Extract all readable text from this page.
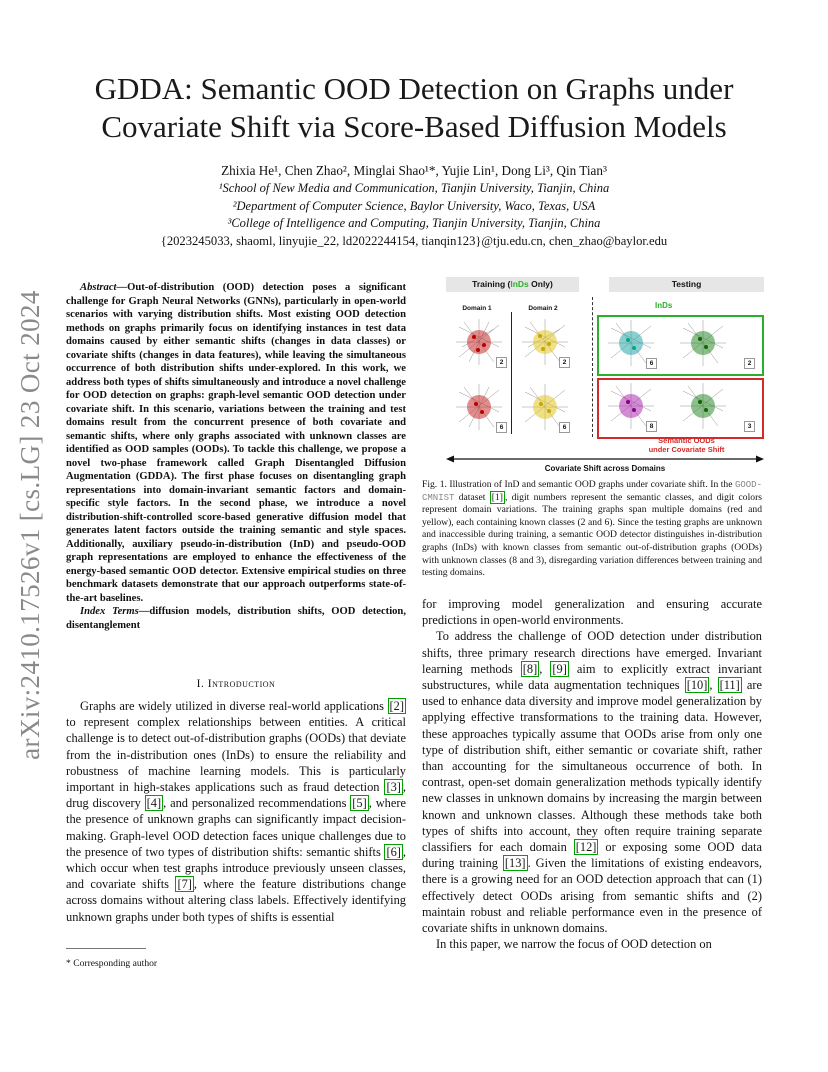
arXiv:2410.17526v1 [cs.LG] 23 Oct 2024
GDDA: Semantic OOD Detection on Graphs under
Covariate Shift via Score-Based Diffusion Models
Zhixia He¹, Chen Zhao², Minglai Shao¹*, Yujie Lin¹, Dong Li³, Qin Tian³
¹School of New Media and Communication, Tianjin University, Tianjin, China
²Department of Computer Science, Baylor University, Waco, Texas, USA
³College of Intelligence and Computing, Tianjin University, Tianjin, China
{2023245033, shaoml, linyujie_22, ld2022244154, tianqin123}@tju.edu.cn, chen_zhao@baylor.edu

Abstract—Out-of-distribution (OOD) detection poses a significant challenge for Graph Neural Networks (GNNs), particularly in open-world scenarios with varying distribution shifts. Most existing OOD detection methods on graphs primarily focus on identifying instances in test data domains caused by either semantic shifts (changes in data classes) or covariate shifts (changes in data features), while leaving the simultaneous occurrence of both distribution shifts under-explored. In this work, we address both types of shifts simultaneously and introduce a novel challenge for OOD detection on graphs: graph-level semantic OOD detection under covariate shift. In this scenario, variations between the training and test domains result from the concurrent presence of both covariate and semantic shifts, where only graphs associated with unknown classes are identified as OOD samples (OODs). To tackle this challenge, we propose a novel two-phase framework called Graph Disentangled Diffusion Augmentation (GDDA). The first phase focuses on disentangling graph representations into domain-invariant semantic factors and domain-specific style factors. In the second phase, we introduce a novel distribution-shift-controlled score-based generative diffusion model that generates latent factors outside the training semantic and style spaces. Additionally, auxiliary pseudo-in-distribution (InD) and pseudo-OOD graph representations are employed to enhance the effectiveness of the energy-based semantic OOD detector. Extensive empirical studies on three benchmark datasets demonstrate that our approach outperforms state-of-the-art baselines.

Index Terms—diffusion models, distribution shifts, OOD detection, disentanglement

I. Introduction

Graphs are widely utilized in diverse real-world applications [2] to represent complex relationships between entities. A critical challenge is to detect out-of-distribution graphs (OODs) that deviate from the in-distribution ones (InDs) to ensure the reliability and robustness of machine learning models. This is particularly important in high-stakes applications such as fraud detection [3] , drug discovery [4] , and personalized recommendations [5] , where the presence of unknown graphs can significantly impact decision-making. Graph-level OOD detection faces unique challenges due to the presence of two types of distribution shifts: semantic shifts [6] , which occur when test graphs introduce previously unseen classes, and covariate shifts [7] , where the feature distributions change across domains without altering class labels. Effectively identifying unknown graphs under both types of shifts is essential

* Corresponding author
Training (InDs Only)	Testing
Domain 1	Domain 2	InDs
2	2
6	6
6	2
8	3
Semantic OODs
under Covariate Shift
Covariate Shift across Domains
Fig. 1. Illustration of InD and semantic OOD graphs under covariate shift. In the GOOD-CMNIST dataset [1] , digit numbers represent the semantic classes, and digit colors represent domain variations. The training graphs span multiple domains (red and yellow), each containing known classes (2 and 6). Since the testing graphs are unknown and inaccessible during training, a semantic OOD detector distinguishes in-distribution graphs (InDs) with known classes from semantic out-of-distribution graphs (OODs) with unknown classes (8 and 3), disregarding variation differences between training and testing domains.

for improving model generalization and ensuring accurate predictions in open-world environments.

To address the challenge of OOD detection under distribution shifts, three primary research directions have emerged. Invariant learning methods [8] , [9] aim to explicitly extract invariant substructures, while data augmentation techniques [10] , [11] are used to enhance data diversity and improve model generalization by applying effective transformations to the training data. However, these approaches typically assume that OODs arise from only one type of distribution shift, either semantic or covariate shift, rather than accounting for the simultaneous occurrence of both. In contrast, open-set domain generalization methods typically identify new classes in unknown domains by increasing the margin between known and unknown classes. Although these methods take both types of shifts into account, they often require training separate classifiers for each domain [12] or exposing some OOD data during training [13] . Given the limitations of existing endeavors, there is a growing need for an OOD detection approach that can (1) effectively detect OODs arising from semantic shifts and (2) maintain robust and reliable performance even in the presence of covariate shifts in unknown domains.

In this paper, we narrow the focus of OOD detection on
